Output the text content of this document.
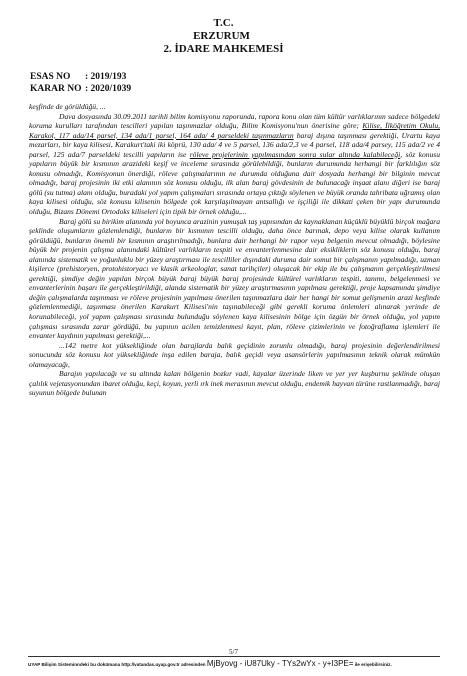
T.C.
ERZURUM
2. İDARE MAHKEMESİ
ESAS NO : 2019/193
KARAR NO : 2020/1039

keşfinde de görüldüğü, ...

Dava dosyasında 30.09.2011 tarihli bilim komisyonu raporunda, rapora konu olan tüm kültür varlıklarının sadece bölgedeki koruma kurulları tarafından tescilleri yapılan taşınmazlar olduğu, Bilim Komisyonu'nun önerisine göre; Kilise, İlköğretim Okulu, Karakol, 117 ada/14 parsel, 134 ada/1 parsel, 164 ada/ 4 parseldeki taşınmazların baraj dışına taşınması gerektiği, Urartu kaya mezarları, bir kaya kilisesi, Karakurt'taki iki köprü, 130 ada/ 4 ve 5 parsel, 136 ada/2,3 ve 4 parsel, 118 ada/4 parsey, 115 ada/2 ve 4 parsel, 125 ada/7 parseldeki tescilli yapıların ise röleve projelerinin yapılmasından sonra sular altında kalabileceği, söz konusu yapıların büyük bir kısmının arazideki keşif ve inceleme sırasında görülebildiği, bunların durumunda herhangi bir farklılığın söz konusu olmadığı, Komisyonun önerdiği, röleve çalışmalarının ne durumda olduğuna dair dosyada herhangi bir bilginin mevcut olmadığı, baraj projesinin iki etki alanının söz konusu olduğu, ilk alan baraj gövdesinin de bulunacağı inşaat alanı diğeri ise baraj gölü (su tutma) alanı olduğu, buradaki yol yapım çalışmaları sırasında ortaya çıktığı söylenen ve büyük oranda tahribata uğramış olan kaya kilisesi olduğu, söz konusu kilisenin bölgede çok karşılaşılmayan antsallığı ve işçiliği ile dikkati çeken bir yapı durumunda olduğu, Bizans Dönemi Ortodoks kiliseleri için tipik bir örnek olduğu,...

Baraj gölü su birikim alanında yol boyunca arazinin yumuşak taş yapısından da kaynaklanan küçüklü büyüklü birçok mağara şeklinde oluşumların gözlemlendiği, bunların bir kısmının tescilli olduğu, daha önce barınak, depo veya kilise olarak kullanım görüldüğü, bunların önemli bir kısmının araştırılmadığı, bunlara dair herhangi bir rapor veya belgenin mevcut olmadığı, böylesine büyük bir projenin çalışma alanındaki kültürel varlıkların tespiti ve envanterlenmesine dair eksikliklerin söz konusu olduğu, baraj alanında sistematik ve yoğunluklu bir yüzey araştırması ile tescilliler dışındaki duruma dair somut bir çalışmanın yapılmadığı, uzman kişilerce (prehistoryen, protohistoryacı ve klasik arkeologlar, sanat tarihçiler) oluşacak bir ekip ile bu çalışmanın gerçekleştirilmesi gerektiği, şimdiye değin yapılan birçok büyük baraj büyük baraj projesinde kültürel varlıkların tespiti, tanımı, belgelenmesi ve envanterlerinin başarı ile gerçekleştirildiği, alanda sistematik bir yüzey araştırmasının yapılması gerektiği, proje kapsamında şimdiye değin çalışmalarda taşınması ve röleve projesinin yapılması önerilen taşınmazlara dair her hangi bir somut gelişmenin arazi keşfinde gözlemlenmediği, taşınması önerilen Karakurt Kilisesi'nin taşınabileceği gibi gerekli koruma önlemleri alınarak yerinde de korunabileceği, yol yapım çalışması sırasında bulunduğu söylenen kaya kilisesinin bölge için özgün bir örnek olduğu, yol yapım çalışması sırasında zarar gördüğü, bu yapının acilen temizlenmesi kayıt, plan, röleve çizimlerinin ve fotoğraflama işlemleri ile envanter kaydının yapılması gerektiği,...

...142 metre kot yüksekliğinde olan barajlarda balık geçidinin zorunlu olmadığı, baraj projesinin değerlendirilmesi sonucunda söz konusu kot yüksekliğinde inşa edilen baraja, balık geçidi veya asansörlerin yapılmasının teknik olarak mümkün olamayacağı,

Barajın yapılacağı ve su altında kalan bölgenin bozkır vadi, kayalar üzerinde liken ve yer yer kuşburnu şeklinde oluşan çalılık vejetasyonundan ibaret olduğu, keçi, koyun, yerli ırk inek merasının mevcut olduğu, endemik hayvan türüne rastlanmadığı, baraj suyunun bölgede bulunan

5/7
UYAP Bilişim Sisteminndeki bu dokümana http://vatandas.uyap.gov.tr adresinden MjByovg - iU87Uky - TYs2wYx - y+I3PE= ile erişebilirsiniz.
